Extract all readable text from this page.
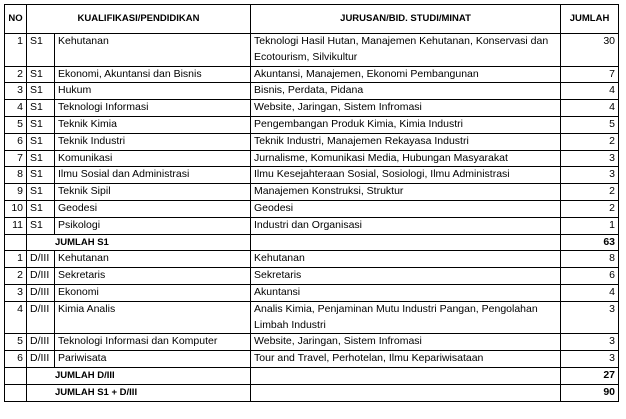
NO	KUALIFIKASI/PENDIDIKAN		JURUSAN/BID. STUDI/MINAT	JUMLAH
1	S1	Kehutanan	Teknologi Hasil Hutan, Manajemen Kehutanan, Konservasi dan Ecotourism, Silvikultur	30
2	S1	Ekonomi, Akuntansi dan Bisnis	Akuntansi, Manajemen, Ekonomi Pembangunan	7
3	S1	Hukum	Bisnis, Perdata, Pidana	4
4	S1	Teknologi Informasi	Website, Jaringan, Sistem Infromasi	4
5	S1	Teknik Kimia	Pengembangan Produk Kimia, Kimia Industri	5
6	S1	Teknik Industri	Teknik Industri, Manajemen Rekayasa Industri	2
7	S1	Komunikasi	Jurnalisme, Komunikasi Media, Hubungan Masyarakat	3
8	S1	Ilmu Sosial dan Administrasi	Ilmu Kesejahteraan Sosial, Sosiologi, Ilmu Administrasi	3
9	S1	Teknik Sipil	Manajemen Konstruksi, Struktur	2
10	S1	Geodesi	Geodesi	2
11	S1	Psikologi	Industri dan Organisasi	1
	JUMLAH S1			63
1	D/III	Kehutanan	Kehutanan	8
2	D/III	Sekretaris	Sekretaris	6
3	D/III	Ekonomi	Akuntansi	4
4	D/III	Kimia Analis	Analis Kimia, Penjaminan Mutu Industri Pangan, Pengolahan Limbah Industri	3
5	D/III	Teknologi Informasi dan Komputer	Website, Jaringan, Sistem Infromasi	3
6	D/III	Pariwisata	Tour and Travel, Perhotelan, Ilmu Kepariwisataan	3
	JUMLAH D/III			27
	JUMLAH S1 + D/III			90
